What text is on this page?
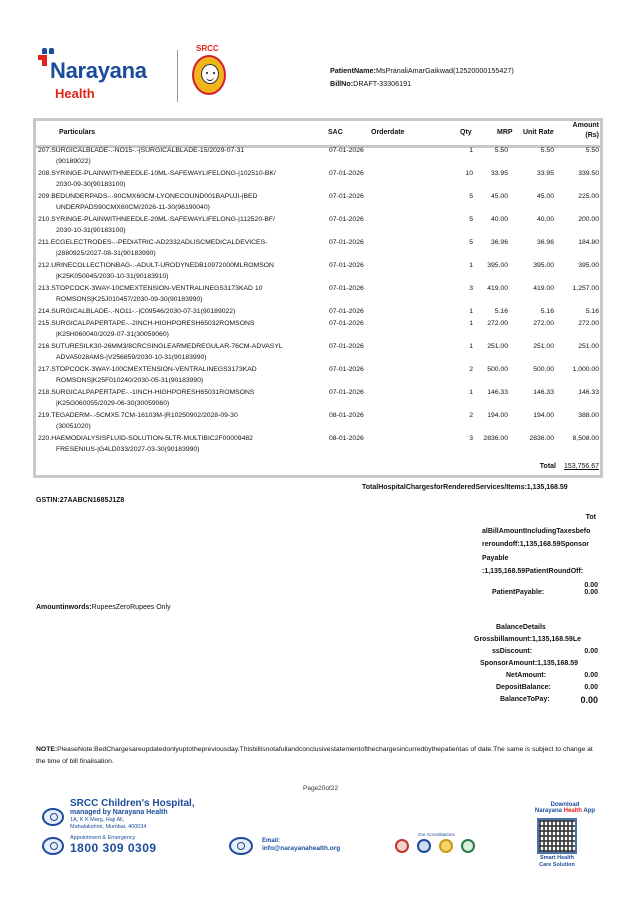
Narayana
Health
SRCC
PatientName:MsPranaliAmarGaikwad(12520000155427)
BillNo:DRAFT-33306191
Particulars	SAC	Orderdate	Qty	MRP Unit Rate
Amount
(Rs)
207.SURGICALBLADE-.-NO15-.-|SURGICALBLADE-15/2029-07-31
(90189022)
07-01-2026	1	5.50	5.50	5.50
208.SYRINGE-PLAINWITHNEEDLE-10ML-SAFEWAYLIFELONG-|102510-BK/
2030-09-30(90183100)
07-01-2026	10	33.95	33.95	339.50
209.BEDUNDERPADS-.-90CMX60CM-LYONECOUND001BAPUJI-|BED
UNDERPADS90CMX60CM/2026-11-30(96190040)
07-01-2026	5	45.00	45.00	225.00
210.SYRINGE-PLAINWITHNEEDLE-20ML-SAFEWAYLIFELONG-|112520-BF/
2030-10-31(90183100)
07-01-2026	5	40.00	40.00	200.00
211.ECGELECTRODES-.-PEDIATRIC-AD2332ADLISCMEDICALDEVICES-
|2880925/2027-08-31(90183990)
07-01-2026	5	36.96	36.96	184.80
212.URINECOLLECTIONBAG-.-ADULT-URODYNEDB10972000MLROMSON
|K25K050045/2030-10-31(90183910)
07-01-2026	1 395.00	395.00	395.00
213.STOPCOCK-3WAY-10CMEXTENSION-VENTRALINEGS3173KAD 10
ROMSONS|K25J010457/2030-09-30(90183990)
07-01-2026	3 419.00	419.00	1,257.00
214.SURGICALBLADE-.-NO11-.-|C09546/2030-07-31(90189022)	07-01-2026	1	5.16	5.16	5.16
215.SURGICALPAPERTAPE-.-2INCH-HIGHPORESH65032ROMSONS
|K25H060040/2029-07-31(30059060)
07-01-2026	1 272.00	272.00	272.00
216.SUTURESILK30-26MM3/8CRCSINGLEARMEDREGULAR-76CM-ADVASYL
ADVA5028AMS-|V256859/2030-10-31(90183990)
07-01-2026	1 251.00	251.00	251.00
217.STOPCOCK-3WAY-100CMEXTENSION-VENTRALINEGS3173KAD
ROMSONS|K25F010240/2030-05-31(90183990)
07-01-2026	2 500.00	500.00	1,000.00
218.SURGICALPAPERTAPE-.-1INCH-HIGHPORESH65031ROMSONS
|K25G060055/2029-06-30(30059060)
07-01-2026	1 146.33	146.33	146.33
219.TEGADERM-.-5CMX5.7CM-16103M-|R10250902/2028-09-30
(30051020)
08-01-2026	2 194.00	194.00	388.00
220.HAEMODIALYSISFLUID-SOLUTION-5LTR-MULTIBIC2F00009482
FRESENIUS-|G4LD033/2027-03-30(90183990)
08-01-2026	3 2836.00	2836.00	8,508.00
Total 153,756.67
TotalHospitalChargesforRenderedServices/Items:1,135,168.59
GSTIN:27AABCN1685J1Z8
Tot
alBillAmountIncludingTaxesbefo
reroundoff:1,135,168.59Sponsor
Payable
:1,135,168.59PatientRoundOff:
0.00
PatientPayable:	0.00
Amountinwords:RupeesZeroRupees Only
BalanceDetails
Grossbillamount:1,135,168.59Le
ssDiscount:	0.00
SponsorAmount:1,135,168.59
NetAmount:	0.00
DepositBalance:	0.00
BalanceToPay:	0.00
NOTE:PleaseNote:BedChargesareupdatedonlyuptothepreviousday.Thisbillisnotafullandconclusivestatementofthechargesincurredbythepatientas of date.The same is subject to change at the time of bill finalisation.
Page20of22
SRCC Children's Hospital,
managed by Narayana Health
1A, K K Marg, Haji Ali,
Mahalakshmi, Mumbai, 400034
Appointment & Emergency
1800 309 0309	Email:
info@narayanahealth.org
Our Accreditations
Download
Narayana Health App
Smart Health
Care Solution
